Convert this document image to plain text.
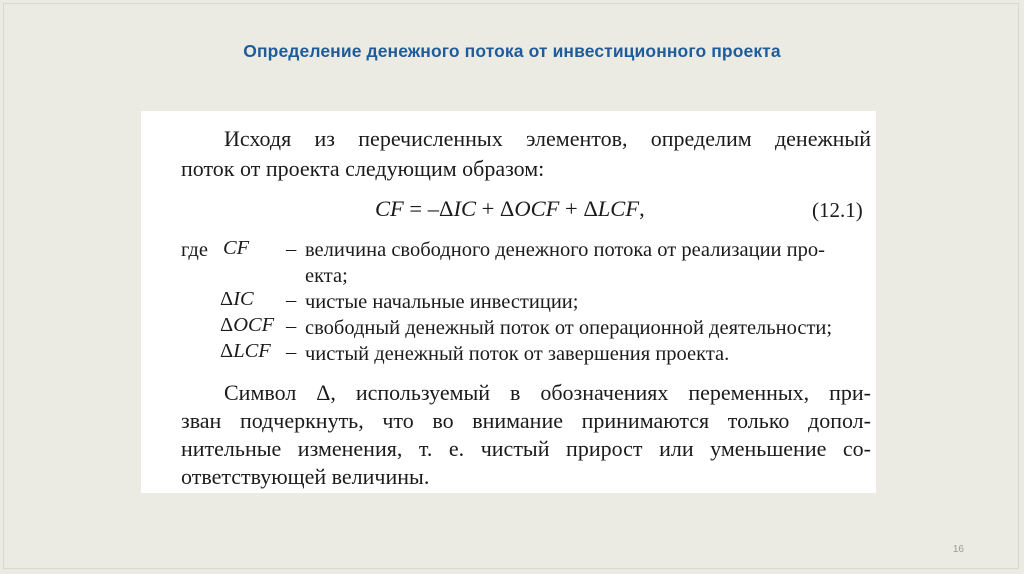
Определение денежного потока от инвестиционного проекта
Исходя из перечисленных элементов, определим денежный
поток от проекта следующим образом:
CF = –ΔIC + ΔOCF + ΔLCF,	(12.1)
где CF – величина свободного денежного потока от реализации про-
екта;
ΔIC – чистые начальные инвестиции;
ΔOCF – свободный денежный поток от операционной деятельности;
ΔLCF – чистый денежный поток от завершения проекта.
Символ Δ, используемый в обозначениях переменных, при-
зван подчеркнуть, что во внимание принимаются только допол-
нительные изменения, т. е. чистый прирост или уменьшение со-
ответствующей величины.
16
